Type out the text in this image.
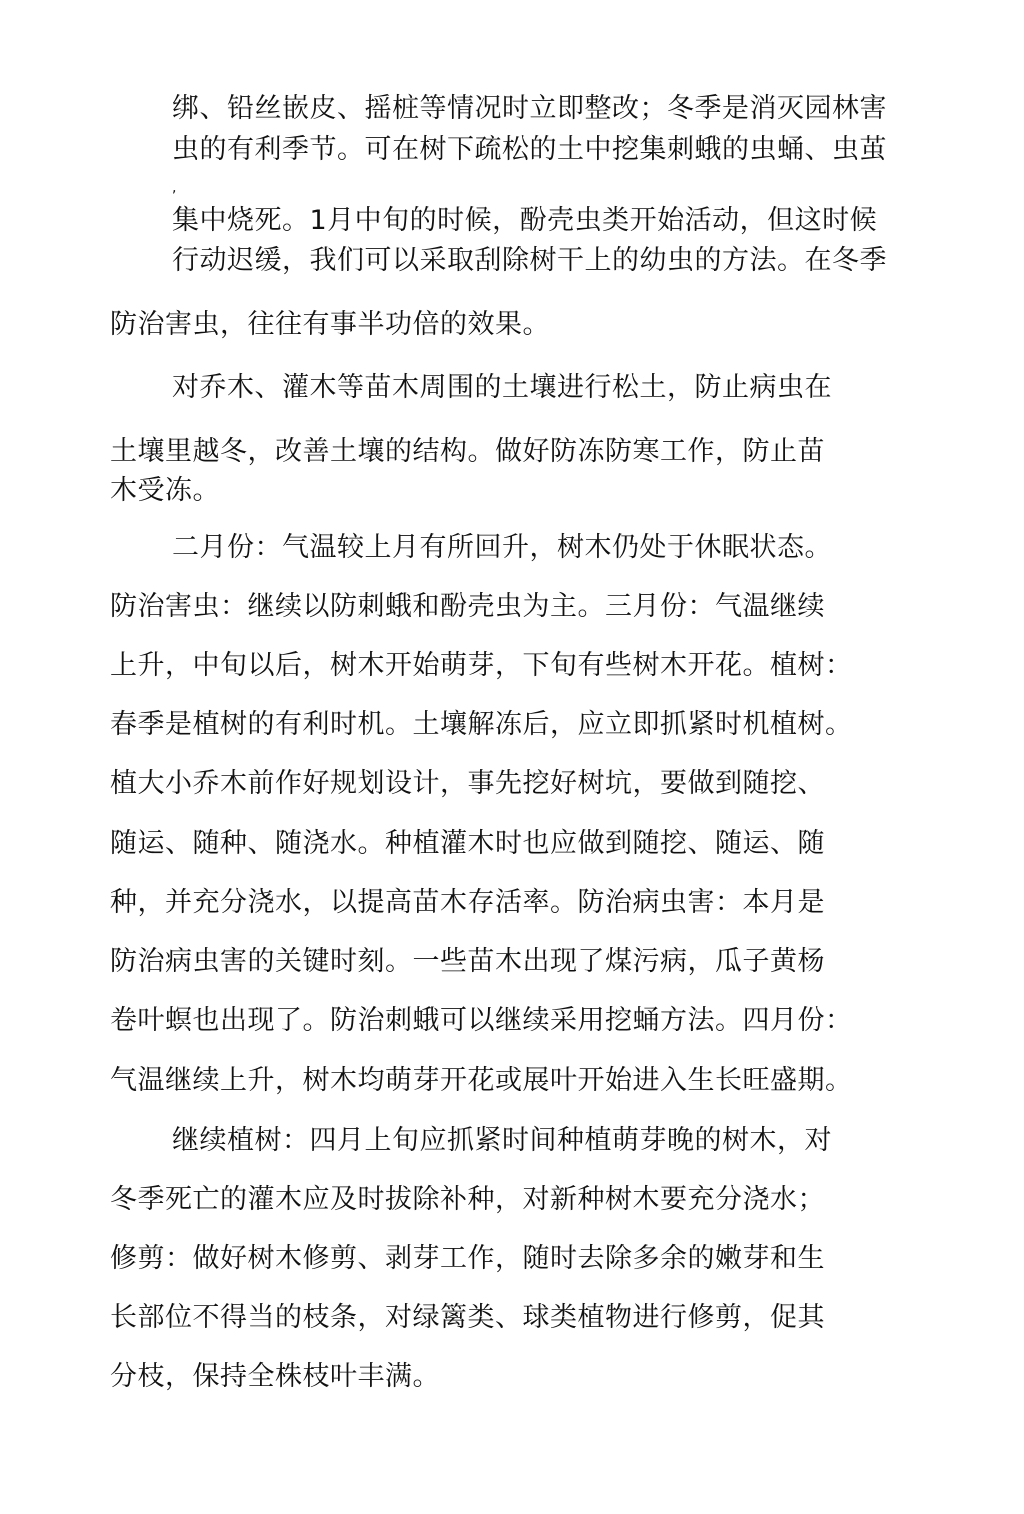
绑、铅丝嵌皮、摇桩等情况时立即整改；冬季是消灭园林害
虫的有利季节。可在树下疏松的土中挖集刺蛾的虫蛹、虫茧
,
集中烧死。1月中旬的时候，酚壳虫类开始活动，但这时候
行动迟缓，我们可以采取刮除树干上的幼虫的方法。在冬季
防治害虫，往往有事半功倍的效果。
对乔木、灌木等苗木周围的土壤进行松土，防止病虫在
土壤里越冬，改善土壤的结构。做好防冻防寒工作，防止苗
木受冻。
二月份：气温较上月有所回升，树木仍处于休眠状态。
防治害虫：继续以防刺蛾和酚壳虫为主。三月份：气温继续
上升，中旬以后，树木开始萌芽，下旬有些树木开花。植树：
春季是植树的有利时机。土壤解冻后，应立即抓紧时机植树。
植大小乔木前作好规划设计，事先挖好树坑，要做到随挖、
随运、随种、随浇水。种植灌木时也应做到随挖、随运、随
种，并充分浇水，以提高苗木存活率。防治病虫害：本月是
防治病虫害的关键时刻。一些苗木出现了煤污病，瓜子黄杨
卷叶螟也出现了。防治刺蛾可以继续采用挖蛹方法。四月份：
气温继续上升，树木均萌芽开花或展叶开始进入生长旺盛期。
继续植树：四月上旬应抓紧时间种植萌芽晚的树木，对
冬季死亡的灌木应及时拔除补种，对新种树木要充分浇水；
修剪：做好树木修剪、剥芽工作，随时去除多余的嫩芽和生
长部位不得当的枝条，对绿篱类、球类植物进行修剪，促其
分枝，保持全株枝叶丰满。
